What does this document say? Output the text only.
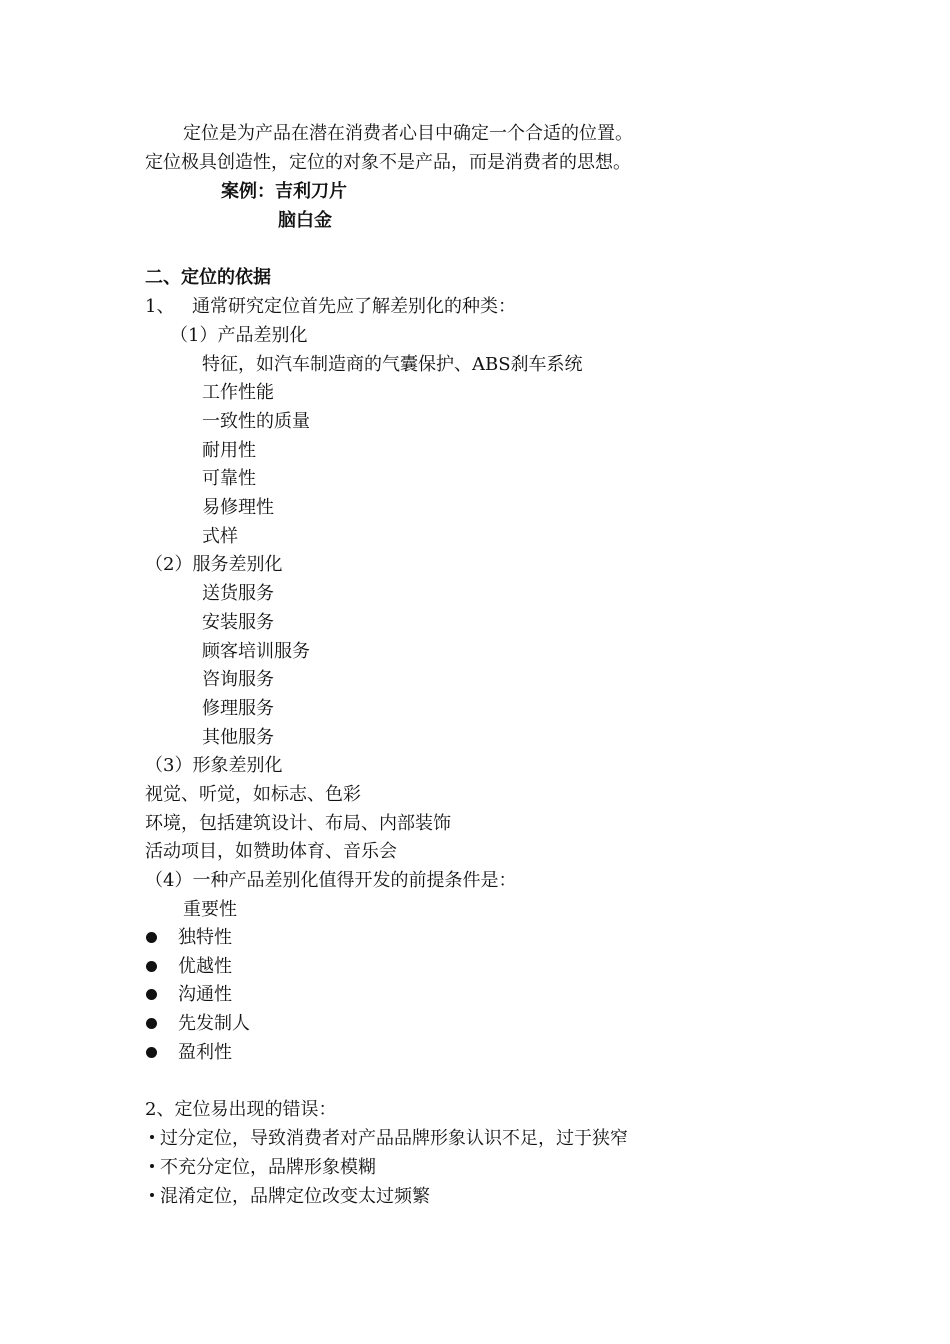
定位是为产品在潜在消费者心目中确定一个合适的位置。
定位极具创造性，定位的对象不是产品，而是消费者的思想。
案例：吉利刀片
脑白金
二、定位的依据
1、 通常研究定位首先应了解差别化的种类：
（1）产品差别化
特征，如汽车制造商的气囊保护、ABS刹车系统
工作性能
一致性的质量
耐用性
可靠性
易修理性
式样
（2）服务差别化
送货服务
安装服务
顾客培训服务
咨询服务
修理服务
其他服务
（3）形象差别化
视觉、听觉，如标志、色彩
环境，包括建筑设计、布局、内部装饰
活动项目，如赞助体育、音乐会
（4）一种产品差别化值得开发的前提条件是：
重要性
独特性
优越性
沟通性
先发制人
盈利性
2、定位易出现的错误：
过分定位，导致消费者对产品品牌形象认识不足，过于狭窄
不充分定位，品牌形象模糊
混淆定位，品牌定位改变太过频繁
